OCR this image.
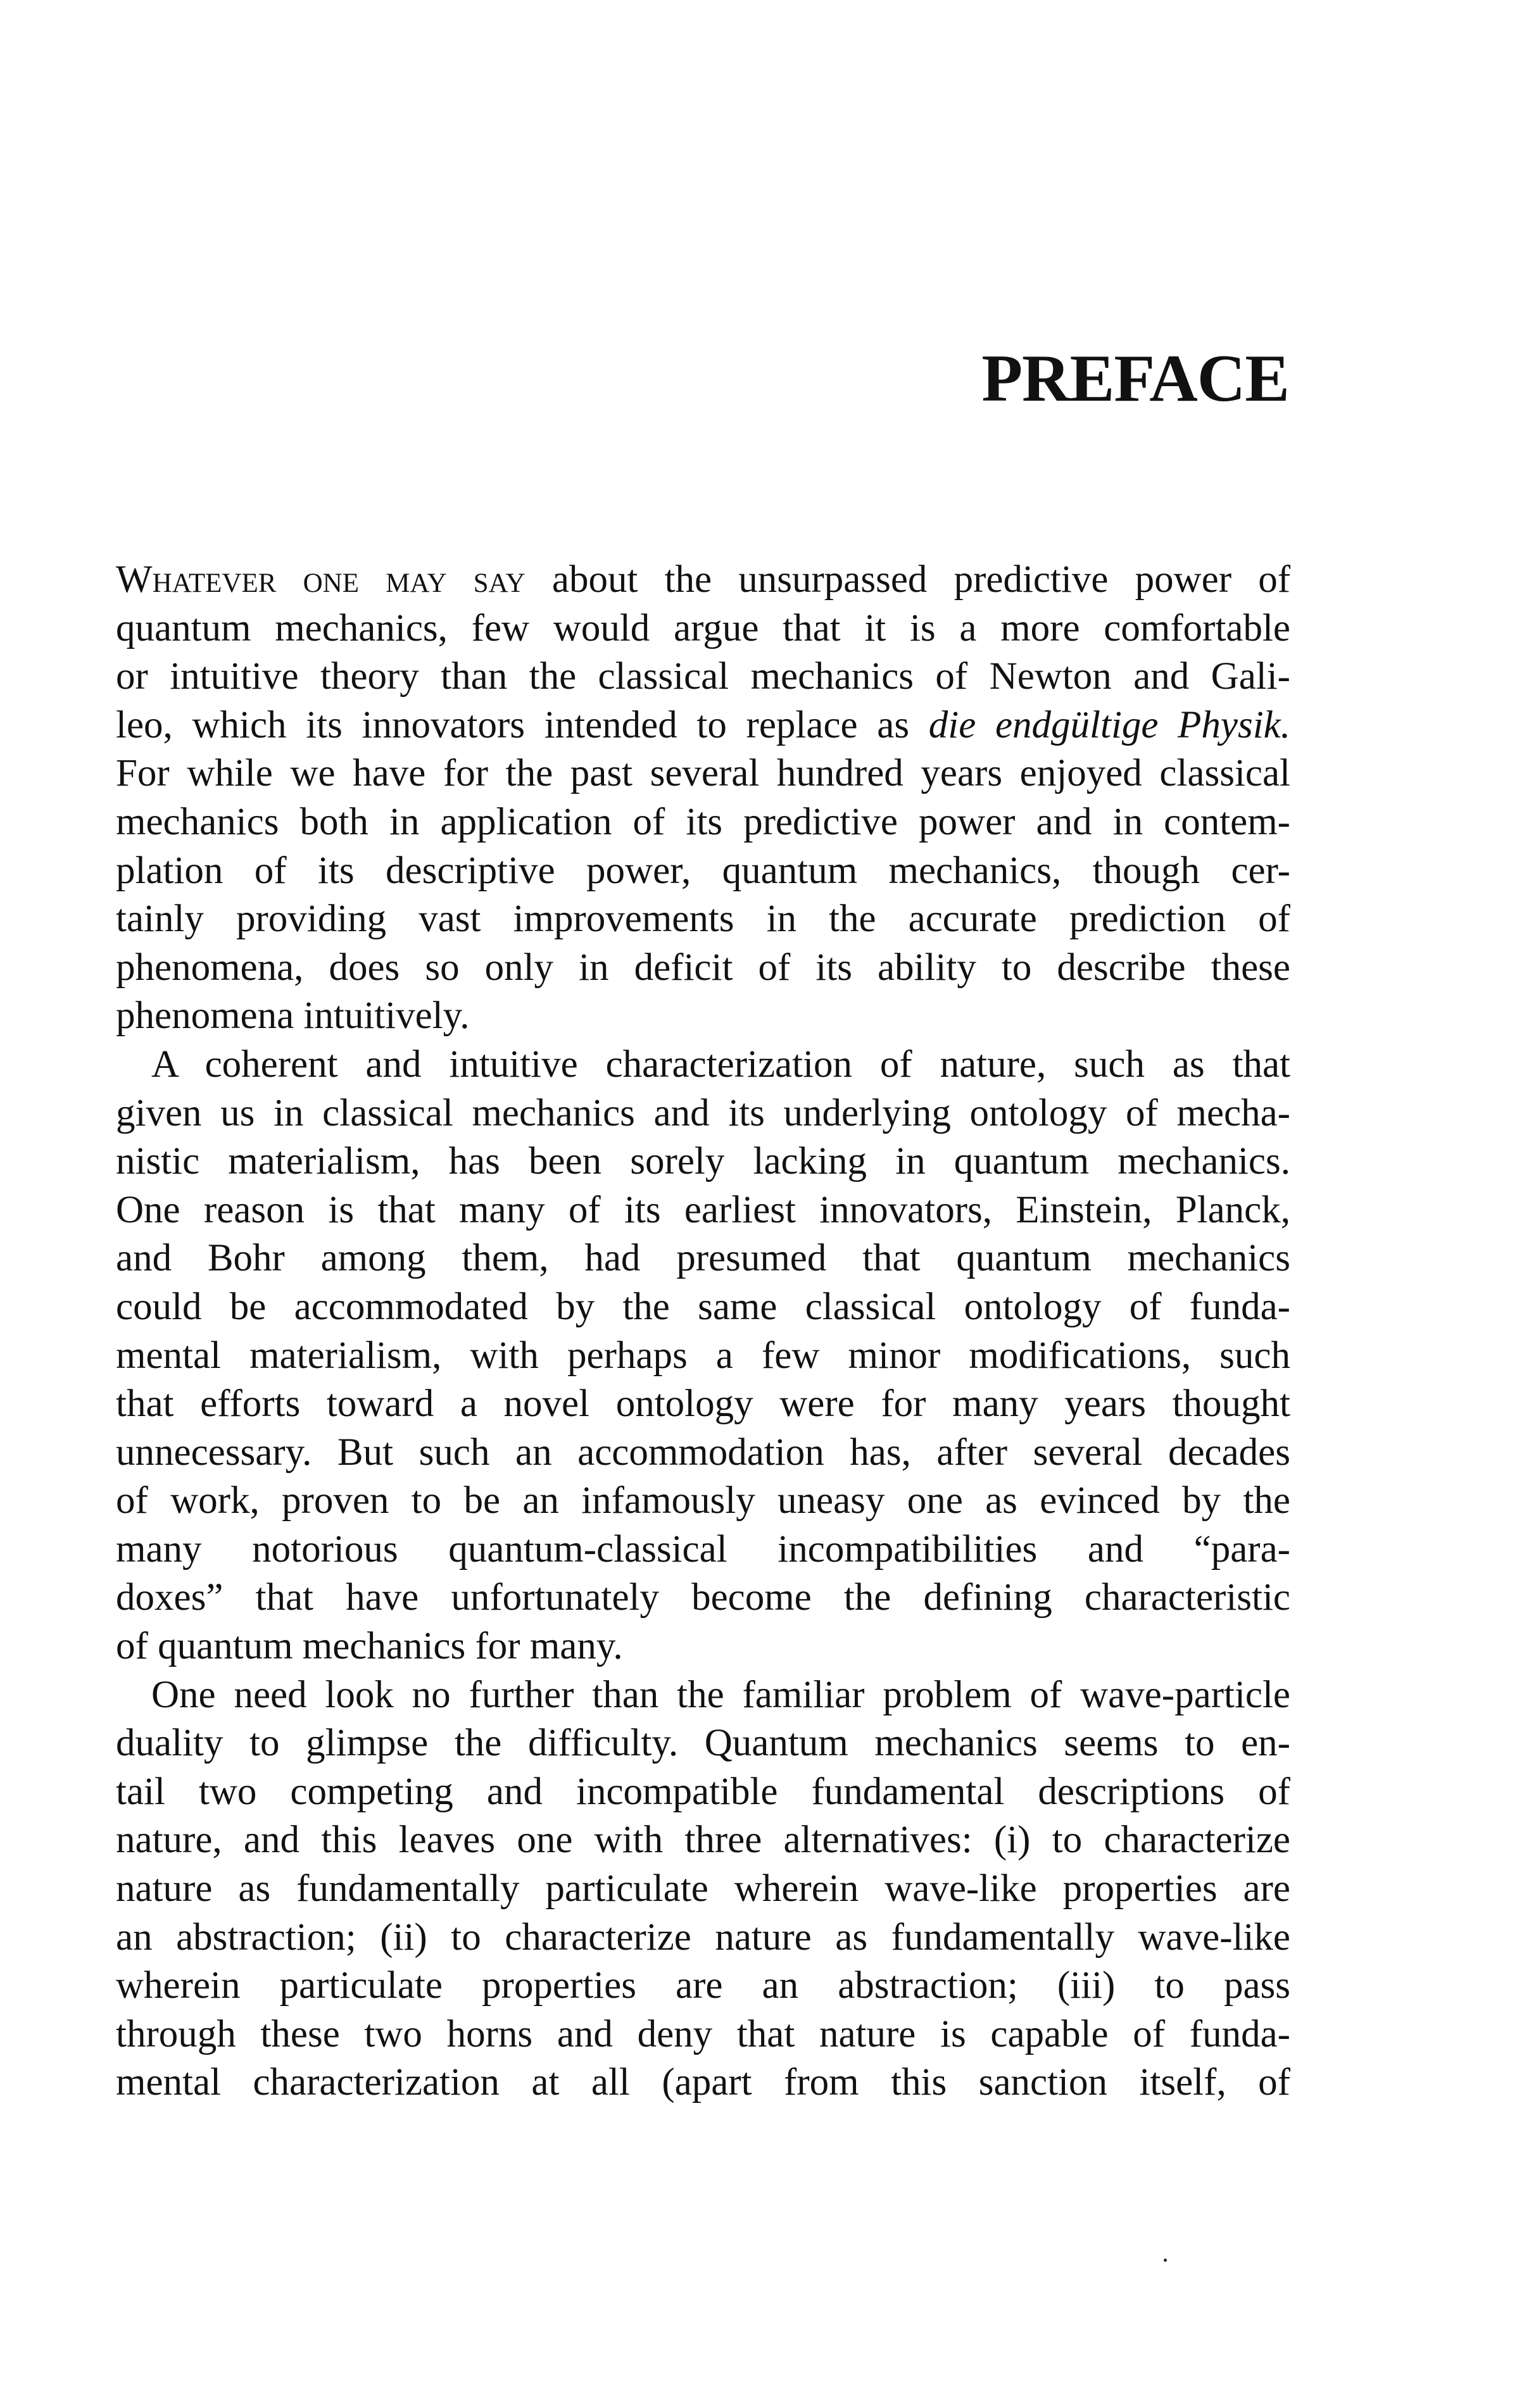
PREFACE

Whatever one may say about the unsurpassed predictive power of
quantum mechanics, few would argue that it is a more comfortable
or intuitive theory than the classical mechanics of Newton and Gali-
leo, which its innovators intended to replace as die endgültige Physik.
For while we have for the past several hundred years enjoyed classical
mechanics both in application of its predictive power and in contem-
plation of its descriptive power, quantum mechanics, though cer-
tainly providing vast improvements in the accurate prediction of
phenomena, does so only in deficit of its ability to describe these
phenomena intuitively.

A coherent and intuitive characterization of nature, such as that
given us in classical mechanics and its underlying ontology of mecha-
nistic materialism, has been sorely lacking in quantum mechanics.
One reason is that many of its earliest innovators, Einstein, Planck,
and Bohr among them, had presumed that quantum mechanics
could be accommodated by the same classical ontology of funda-
mental materialism, with perhaps a few minor modifications, such
that efforts toward a novel ontology were for many years thought
unnecessary. But such an accommodation has, after several decades
of work, proven to be an infamously uneasy one as evinced by the
many notorious quantum-classical incompatibilities and “para-
doxes” that have unfortunately become the defining characteristic
of quantum mechanics for many.

One need look no further than the familiar problem of wave-particle
duality to glimpse the difficulty. Quantum mechanics seems to en-
tail two competing and incompatible fundamental descriptions of
nature, and this leaves one with three alternatives: (i) to characterize
nature as fundamentally particulate wherein wave-like properties are
an abstraction; (ii) to characterize nature as fundamentally wave-like
wherein particulate properties are an abstraction; (iii) to pass
through these two horns and deny that nature is capable of funda-
mental characterization at all (apart from this sanction itself, of
